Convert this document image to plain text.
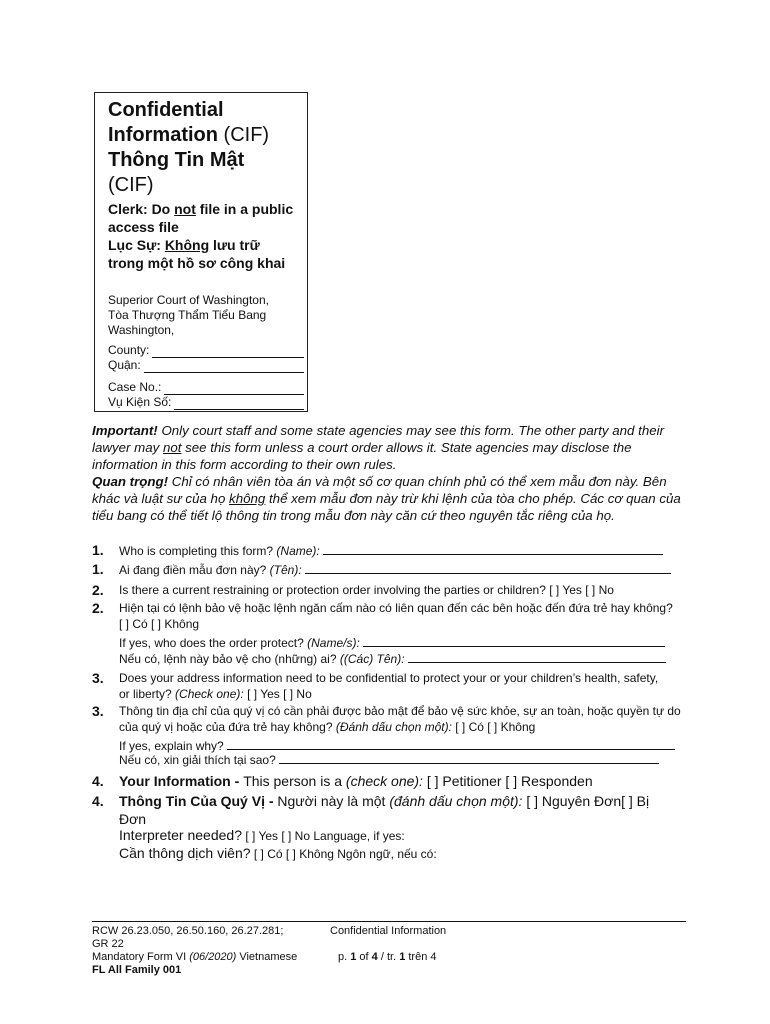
Confidential
Information (CIF)
Thông Tin Mật
(CIF)
Clerk: Do not file in a public access file
Lục Sự: Không lưu trữ trong một hồ sơ công khai
Superior Court of Washington,
Tòa Thượng Thẩm Tiểu Bang Washington,
County:
Quận:
Case No.:
Vụ Kiện Số:
Important! Only court staff and some state agencies may see this form. The other party and their lawyer may not see this form unless a court order allows it. State agencies may disclose the information in this form according to their own rules.
Quan trọng! Chỉ có nhân viên tòa án và một số cơ quan chính phủ có thể xem mẫu đơn này. Bên khác và luật sư của họ không thể xem mẫu đơn này trừ khi lệnh của tòa cho phép. Các cơ quan của tiểu bang có thể tiết lộ thông tin trong mẫu đơn này căn cứ theo nguyên tắc riêng của họ.
1. Who is completing this form? (Name):
1. Ai đang điền mẫu đơn này? (Tên):
2. Is there a current restraining or protection order involving the parties or children? [ ] Yes [ ] No
2. Hiện tại có lệnh bảo vệ hoặc lệnh ngăn cấm nào có liên quan đến các bên hoặc đến đứa trẻ hay không? [ ] Có [ ] Không
If yes, who does the order protect? (Name/s):
Nếu có, lệnh này bảo vệ cho (những) ai? ((Các) Tên):
3. Does your address information need to be confidential to protect your or your children’s health, safety, or liberty? (Check one): [ ] Yes [ ] No
3. Thông tin địa chỉ của quý vị có cần phải được bảo mật để bảo vệ sức khỏe, sự an toàn, hoặc quyền tự do của quý vị hoặc của đứa trẻ hay không? (Đánh dấu chọn một): [ ] Có [ ] Không
If yes, explain why?
Nếu có, xin giải thích tại sao?
4. Your Information - This person is a (check one): [ ] Petitioner [ ] Responden
4. Thông Tin Của Quý Vị - Người này là một (đánh dấu chọn một): [ ] Nguyên Đơn[ ] Bị Đơn
Interpreter needed? [ ] Yes [ ] No Language, if yes:
Cần thông dịch viên? [ ] Có [ ] Không Ngôn ngữ, nếu có:
RCW 26.23.050, 26.50.160, 26.27.281;
GR 22
Mandatory Form VI (06/2020) Vietnamese
FL All Family 001
Confidential Information
p. 1 of 4 / tr. 1 trên 4
